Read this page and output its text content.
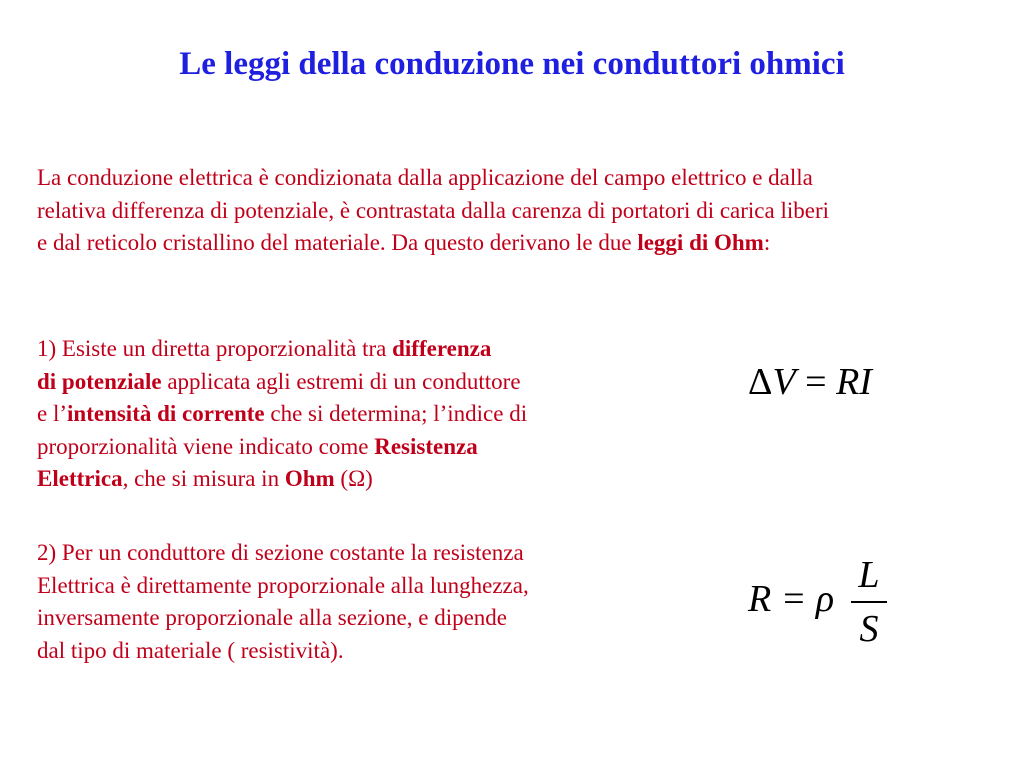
Le leggi della conduzione nei conduttori ohmici
La conduzione elettrica è condizionata dalla applicazione del campo elettrico e dalla
relativa differenza di potenziale, è contrastata dalla carenza di portatori di carica liberi
e dal reticolo cristallino del materiale. Da questo derivano le due leggi di Ohm:
1) Esiste un diretta proporzionalità tra differenza
di potenziale applicata agli estremi di un conduttore
e l’intensità di corrente che si determina; l’indice di
proporzionalità viene indicato come Resistenza
Elettrica, che si misura in Ohm (Ω)
2) Per un conduttore di sezione costante la resistenza
Elettrica è direttamente proporzionale alla lunghezza,
inversamente proporzionale alla sezione, e dipende
dal tipo di materiale ( resistività).
ΔV = RI
R = ρ
L
S
